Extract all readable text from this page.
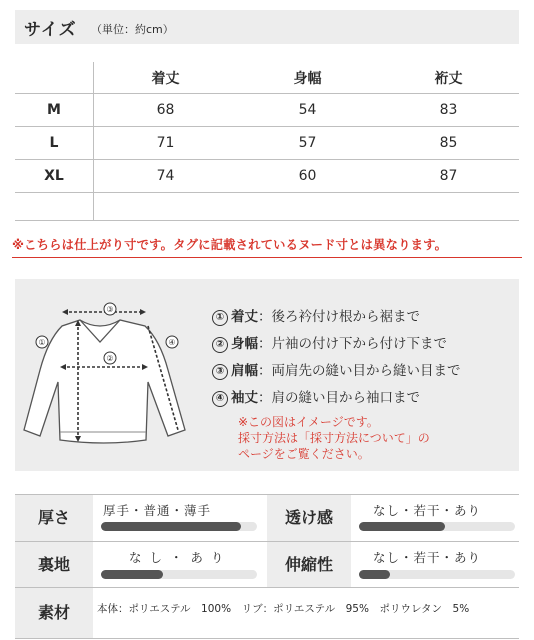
サイズ （単位：約cm）
	着丈	身幅	裄丈
M	68	54	83
L	71	57	85
XL	74	60	87

※こちらは仕上がり寸です。タグに記載されているヌード寸とは異なります。
①
②
③
④
① 着丈：後ろ衿付け根から裾まで
② 身幅：片袖の付け下から付け下まで
③ 肩幅：両肩先の縫い目から縫い目まで
④ 袖丈：肩の縫い目から袖口まで
※この図はイメージです。
採寸方法は「採寸方法について」の
ページをご覧ください。
厚さ	厚手・普通・薄手	透け感	なし・若干・あり
裏地	な し ・ あ り	伸縮性	なし・若干・あり
素材	本体：ポリエステル　100%　リブ：ポリエステル　95%　ポリウレタン　5%
